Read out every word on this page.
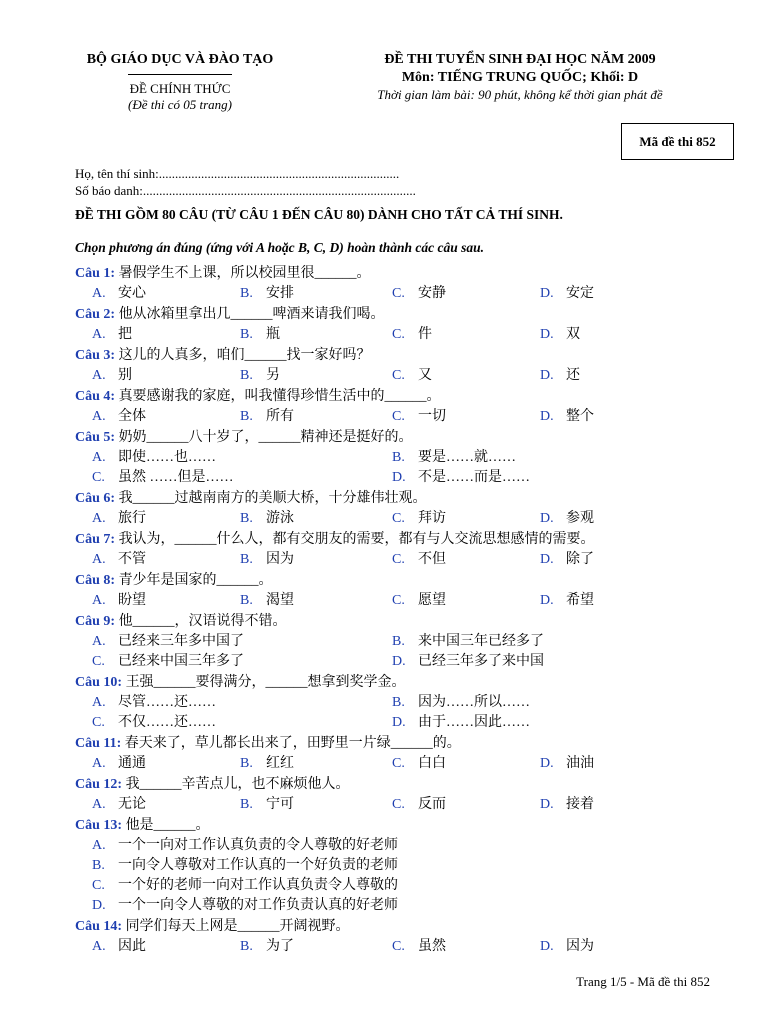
BỘ GIÁO DỤC VÀ ĐÀO TẠO
ĐỀ CHÍNH THỨC
(Đề thi có 05 trang)
ĐỀ THI TUYỂN SINH ĐẠI HỌC NĂM 2009
Môn: TIẾNG TRUNG QUỐC; Khối: D
Thời gian làm bài: 90 phút, không kể thời gian phát đề
Mã đề thi 852
Họ, tên thí sinh:..........................................................................
Số báo danh:....................................................................................
ĐỀ THI GỒM 80 CÂU (TỪ CÂU 1 ĐẾN CÂU 80) DÀNH CHO TẤT CẢ THÍ SINH.
Chọn phương án đúng (ứng với A hoặc B, C, D) hoàn thành các câu sau.
Câu 1: 暑假学生不上课，所以校园里很______。
A. 安心	B. 安排	C. 安静	D. 安定
Câu 2: 他从冰箱里拿出几______啤酒来请我们喝。
A. 把	B. 瓶	C. 件	D. 双
Câu 3: 这儿的人真多，咱们______找一家好吗？
A. 别	B. 另	C. 又	D. 还
Câu 4: 真要感谢我的家庭，叫我懂得珍惜生活中的______。
A. 全体	B. 所有	C. 一切	D. 整个
Câu 5: 奶奶______八十岁了，______精神还是挺好的。
A. 即使……也……	B. 要是……就……
C. 虽然 ……但是……	D. 不是……而是……
Câu 6: 我______过越南南方的美顺大桥，十分雄伟壮观。
A. 旅行	B. 游泳	C. 拜访	D. 参观
Câu 7: 我认为，______什么人，都有交朋友的需要，都有与人交流思想感情的需要。
A. 不管	B. 因为	C. 不但	D. 除了
Câu 8: 青少年是国家的______。
A. 盼望	B. 渴望	C. 愿望	D. 希望
Câu 9: 他______，汉语说得不错。
A. 已经来三年多中国了	B. 来中国三年已经多了
C. 已经来中国三年多了	D. 已经三年多了来中国
Câu 10: 王强______要得满分，______想拿到奖学金。
A. 尽管……还……	B. 因为……所以……
C. 不仅……还……	D. 由于……因此……
Câu 11: 春天来了，草儿都长出来了，田野里一片绿______的。
A. 通通	B. 红红	C. 白白	D. 油油
Câu 12: 我______辛苦点儿，也不麻烦他人。
A. 无论	B. 宁可	C. 反而	D. 接着
Câu 13: 他是______。
A. 一个一向对工作认真负责的令人尊敬的好老师
B. 一向令人尊敬对工作认真的一个好负责的老师
C. 一个好的老师一向对工作认真负责令人尊敬的
D. 一个一向令人尊敬的对工作负责认真的好老师
Câu 14: 同学们每天上网是______开阔视野。
A. 因此	B. 为了	C. 虽然	D. 因为
Trang 1/5 - Mã đề thi 852
